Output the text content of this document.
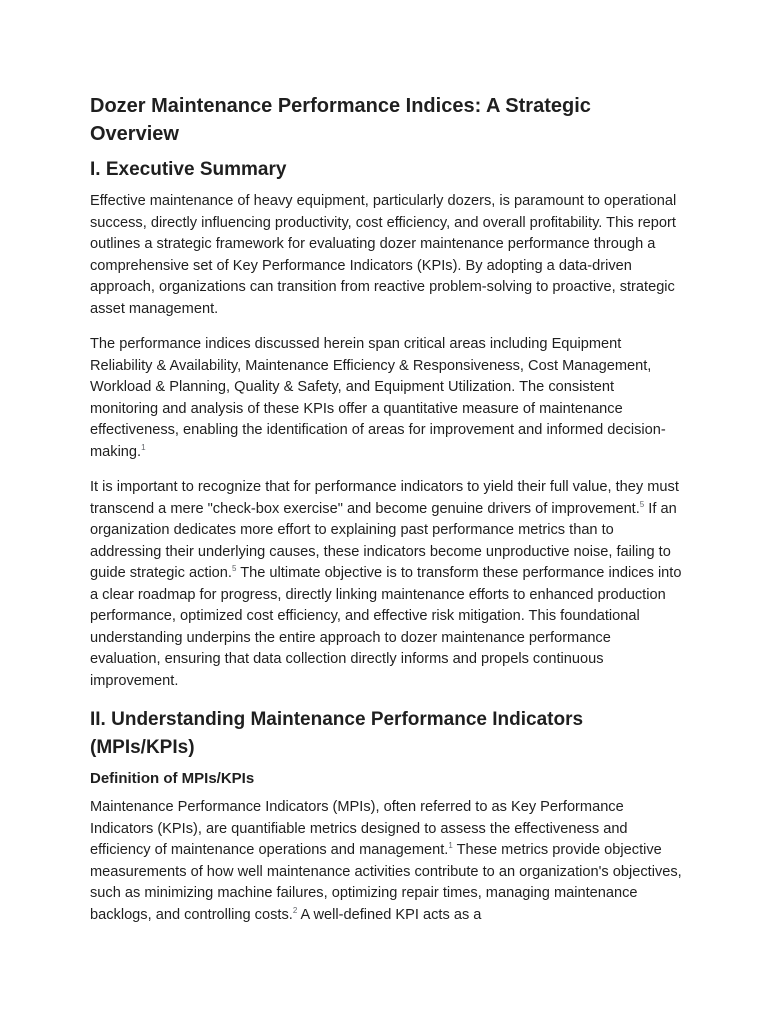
Dozer Maintenance Performance Indices: A Strategic Overview
I. Executive Summary

Effective maintenance of heavy equipment, particularly dozers, is paramount to operational success, directly influencing productivity, cost efficiency, and overall profitability. This report outlines a strategic framework for evaluating dozer maintenance performance through a comprehensive set of Key Performance Indicators (KPIs). By adopting a data-driven approach, organizations can transition from reactive problem-solving to proactive, strategic asset management.

The performance indices discussed herein span critical areas including Equipment Reliability & Availability, Maintenance Efficiency & Responsiveness, Cost Management, Workload & Planning, Quality & Safety, and Equipment Utilization. The consistent monitoring and analysis of these KPIs offer a quantitative measure of maintenance effectiveness, enabling the identification of areas for improvement and informed decision-making.$^1$

It is important to recognize that for performance indicators to yield their full value, they must transcend a mere "check-box exercise" and become genuine drivers of improvement.$^5$ If an organization dedicates more effort to explaining past performance metrics than to addressing their underlying causes, these indicators become unproductive noise, failing to guide strategic action.$^5$ The ultimate objective is to transform these performance indices into a clear roadmap for progress, directly linking maintenance efforts to enhanced production performance, optimized cost efficiency, and effective risk mitigation. This foundational understanding underpins the entire approach to dozer maintenance performance evaluation, ensuring that data collection directly informs and propels continuous improvement.

II. Understanding Maintenance Performance Indicators (MPIs/KPIs)
Definition of MPIs/KPIs

Maintenance Performance Indicators (MPIs), often referred to as Key Performance Indicators (KPIs), are quantifiable metrics designed to assess the effectiveness and efficiency of maintenance operations and management.$^1$ These metrics provide objective measurements of how well maintenance activities contribute to an organization's objectives, such as minimizing machine failures, optimizing repair times, managing maintenance backlogs, and controlling costs.$^2$ A well-defined KPI acts as a
